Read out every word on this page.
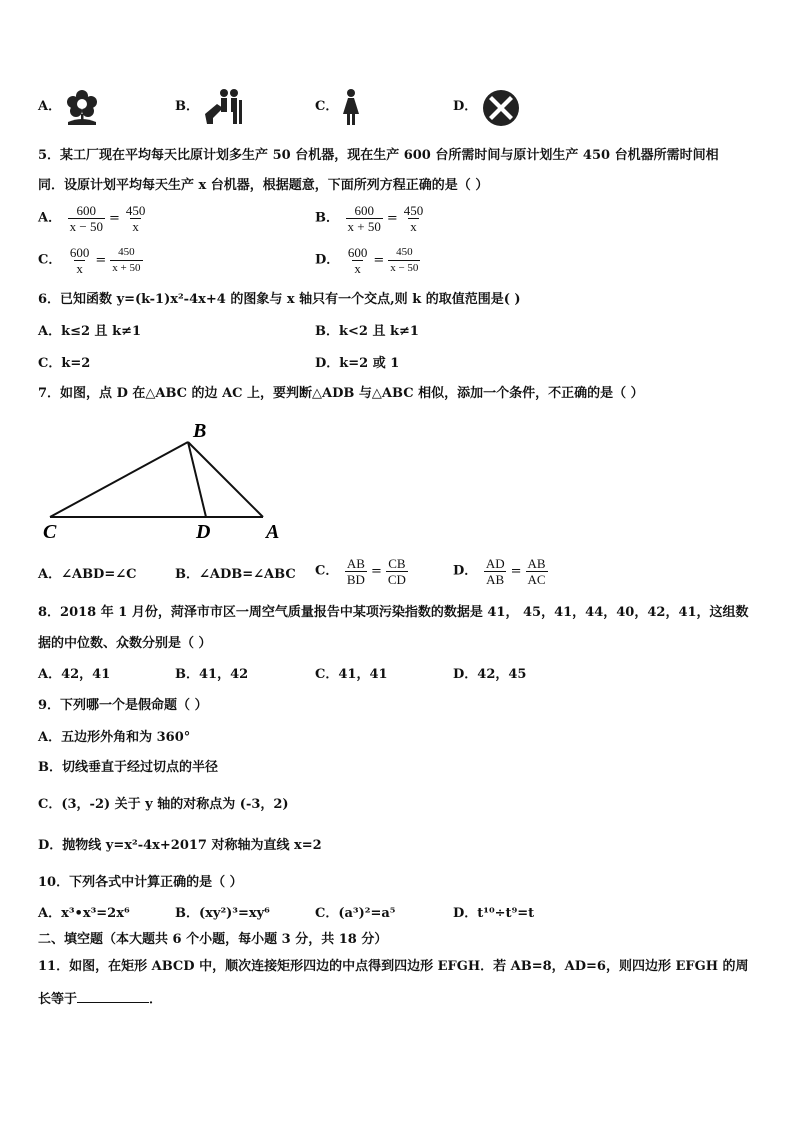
A．	B．	C．	D．
5．某工厂现在平均每天比原计划多生产 50 台机器，现在生产 600 台所需时间与原计划生产 450 台机器所需时间相
同．设原计划平均每天生产 x 台机器，根据题意，下面所列方程正确的是（ ）
A． $\frac{600}{x - 50} = \frac{450}{x}$	B． $\frac{600}{x + 50} = \frac{450}{x}$
C． $\frac{600}{x} = \frac{450}{x + 50}$	D． $\frac{600}{x} = \frac{450}{x - 50}$
6．已知函数 y=(k-1)x²-4x+4 的图象与 x 轴只有一个交点,则 k 的取值范围是( )
A．k≤2 且 k≠1	B．k<2 且 k≠1
C．k=2	D．k=2 或 1
7．如图，点 D 在△ABC 的边 AC 上，要判断△ADB 与△ABC 相似，添加一个条件，不正确的是（ ）
B
C	D	A
A．∠ABD=∠C	B．∠ADB=∠ABC C． $\frac{AB}{BD} = \frac{CB}{CD}$	D． $\frac{AD}{AB} = \frac{AB}{AC}$
8．2018 年 1 月份，菏泽市市区一周空气质量报告中某项污染指数的数据是 41， 45，41，44，40，42，41，这组数
据的中位数、众数分别是（ ）
A．42，41	B．41，42	C．41，41	D．42，45
9．下列哪一个是假命题（ ）
A．五边形外角和为 360°
B．切线垂直于经过切点的半径
C．(3，-2) 关于 y 轴的对称点为 (-3，2)
D．抛物线 y=x²-4x+2017 对称轴为直线 x=2
10．下列各式中计算正确的是（ ）
A．x³•x³=2x⁶	B．(xy²)³=xy⁶	C．(a³)²=a⁵	D．t¹⁰÷t⁹=t
二、填空题（本大题共 6 个小题，每小题 3 分，共 18 分）
11．如图，在矩形 ABCD 中，顺次连接矩形四边的中点得到四边形 EFGH．若 AB=8，AD=6，则四边形 EFGH 的周
长等于	．
